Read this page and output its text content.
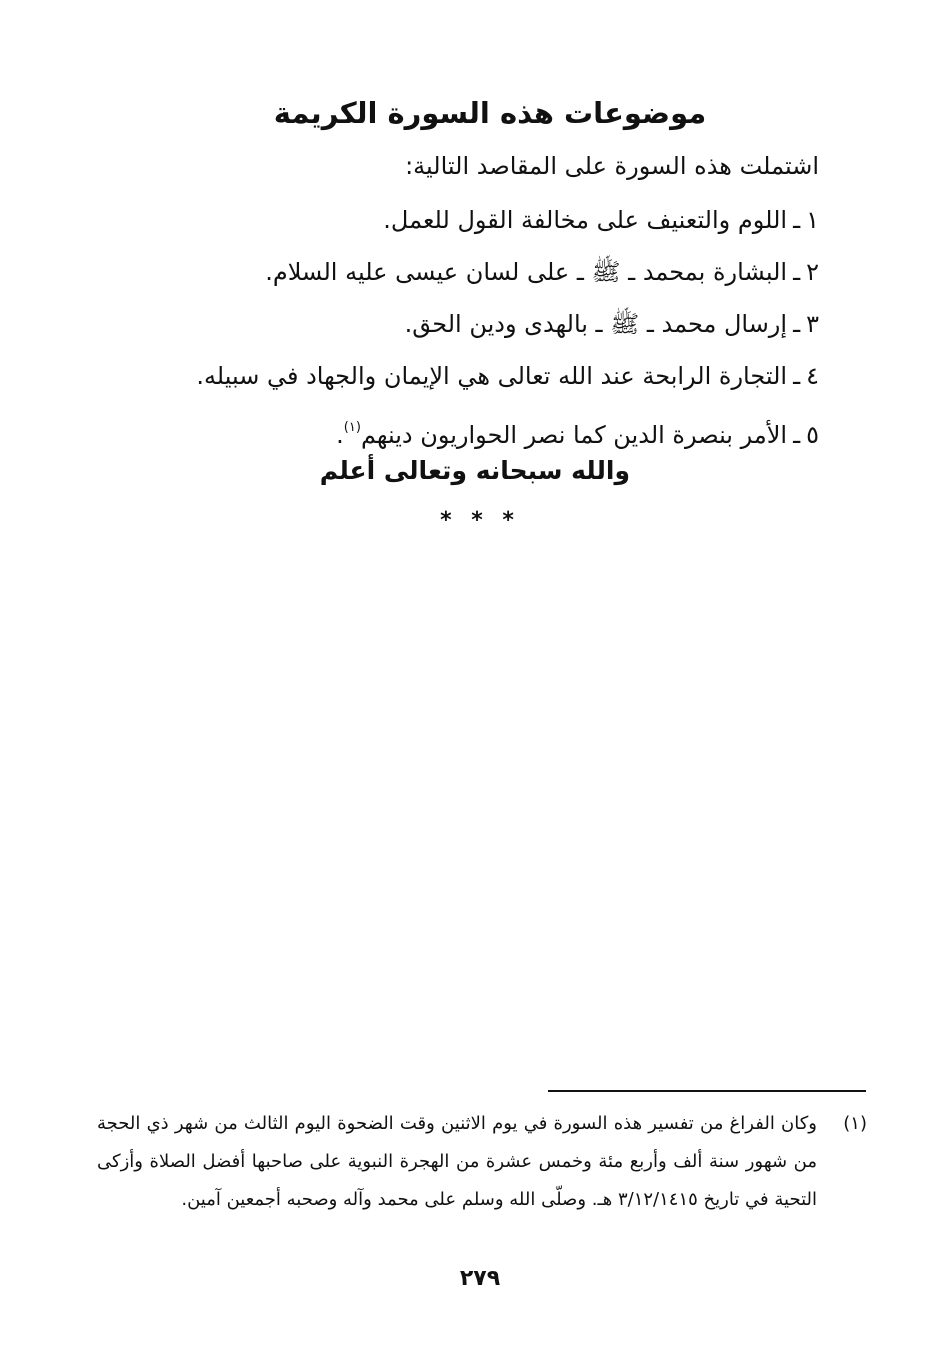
موضوعات هذه السورة الكريمة
اشتملت هذه السورة على المقاصد التالية:
١ـاللوم والتعنيف على مخالفة القول للعمل.
٢ـالبشارة بمحمد ـ ﷺ ـ على لسان عيسى عليه السلام.
٣ـإرسال محمد ـ ﷺ ـ بالهدى ودين الحق.
٤ـالتجارة الرابحة عند الله تعالى هي الإيمان والجهاد في سبيله.
٥ـالأمر بنصرة الدين كما نصر الحواريون دينهم$^{(١)}$.
والله سبحانه وتعالى أعلم
* * *
(١)
وكان الفراغ من تفسير هذه السورة في يوم الاثنين وقت الضحوة اليوم الثالث من شهر ذي الحجة من شهور سنة ألف وأربع مئة وخمس عشرة من الهجرة النبوية على صاحبها أفضل الصلاة وأزكى التحية في تاريخ ٣/١٢/١٤١٥ هـ. وصلّى الله وسلم على محمد وآله وصحبه أجمعين آمين.
٢٧٩
